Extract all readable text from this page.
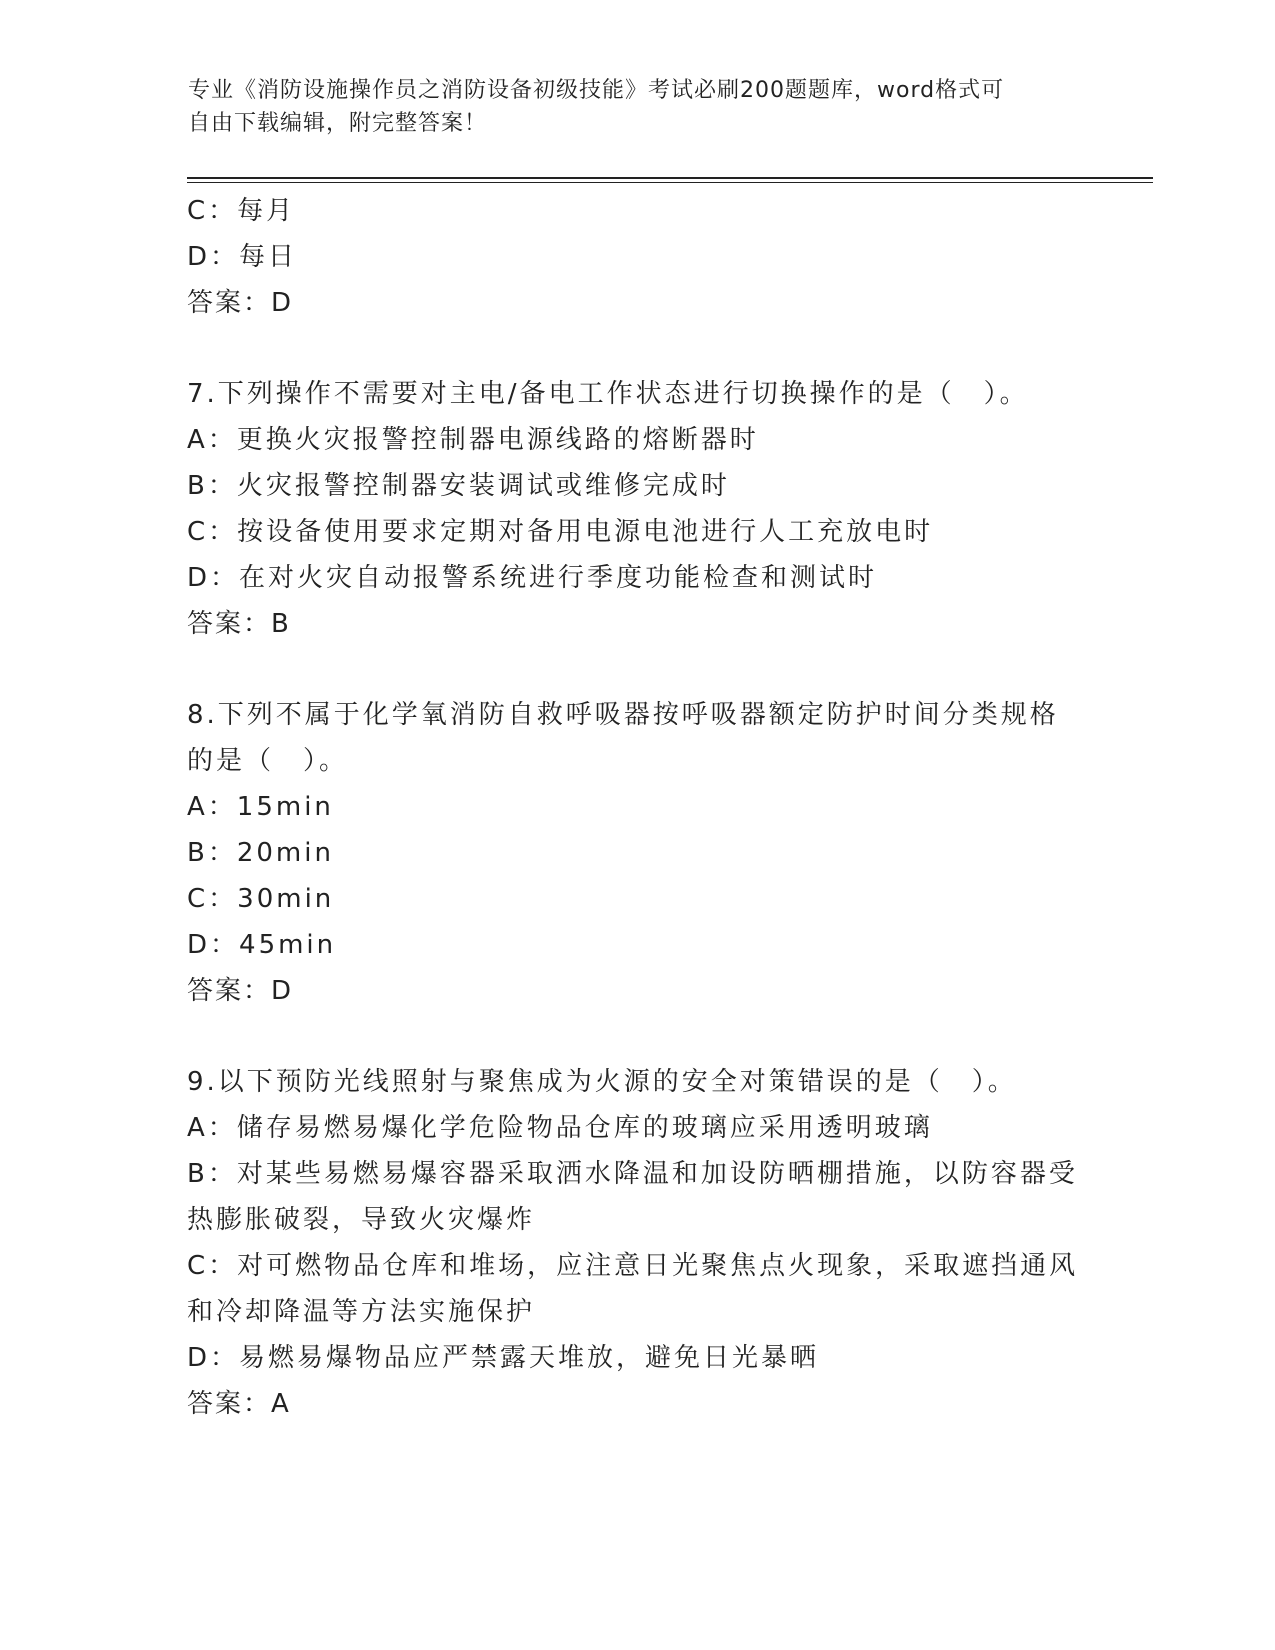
专业《消防设施操作员之消防设备初级技能》考试必刷200题题库，word格式可
自由下载编辑，附完整答案！
C：每月
D：每日
答案：D
7.下列操作不需要对主电/备电工作状态进行切换操作的是（　）。
A：更换火灾报警控制器电源线路的熔断器时
B：火灾报警控制器安装调试或维修完成时
C：按设备使用要求定期对备用电源电池进行人工充放电时
D：在对火灾自动报警系统进行季度功能检查和测试时
答案：B
8.下列不属于化学氧消防自救呼吸器按呼吸器额定防护时间分类规格
的是（　）。
A：15min
B：20min
C：30min
D：45min
答案：D
9.以下预防光线照射与聚焦成为火源的安全对策错误的是（　）。
A：储存易燃易爆化学危险物品仓库的玻璃应采用透明玻璃
B：对某些易燃易爆容器采取洒水降温和加设防晒棚措施，以防容器受
热膨胀破裂，导致火灾爆炸
C：对可燃物品仓库和堆场，应注意日光聚焦点火现象，采取遮挡通风
和冷却降温等方法实施保护
D：易燃易爆物品应严禁露天堆放，避免日光暴晒
答案：A
